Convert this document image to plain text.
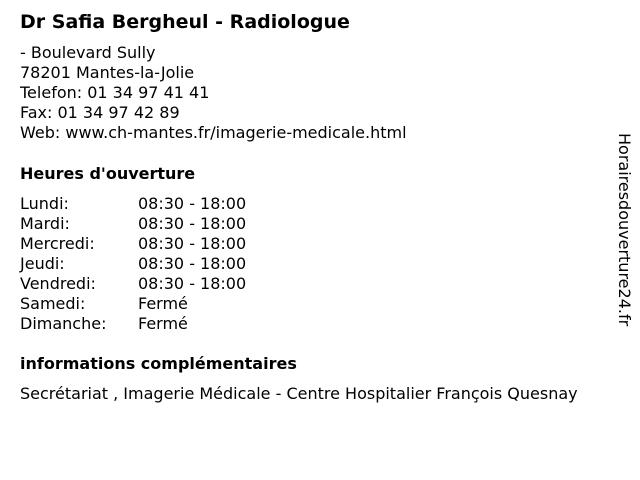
Dr Safia Bergheul - Radiologue
- Boulevard Sully
78201 Mantes-la-Jolie
Telefon: 01 34 97 41 41
Fax: 01 34 97 42 89
Web: www.ch-mantes.fr/imagerie-medicale.html
Heures d'ouverture
Lundi:	08:30 - 18:00
Mardi:	08:30 - 18:00
Mercredi:	08:30 - 18:00
Jeudi:	08:30 - 18:00
Vendredi:	08:30 - 18:00
Samedi:	Fermé
Dimanche:	Fermé
informations complémentaires
Secrétariat , Imagerie Médicale - Centre Hospitalier François Quesnay
Horairesdouverture24.fr
